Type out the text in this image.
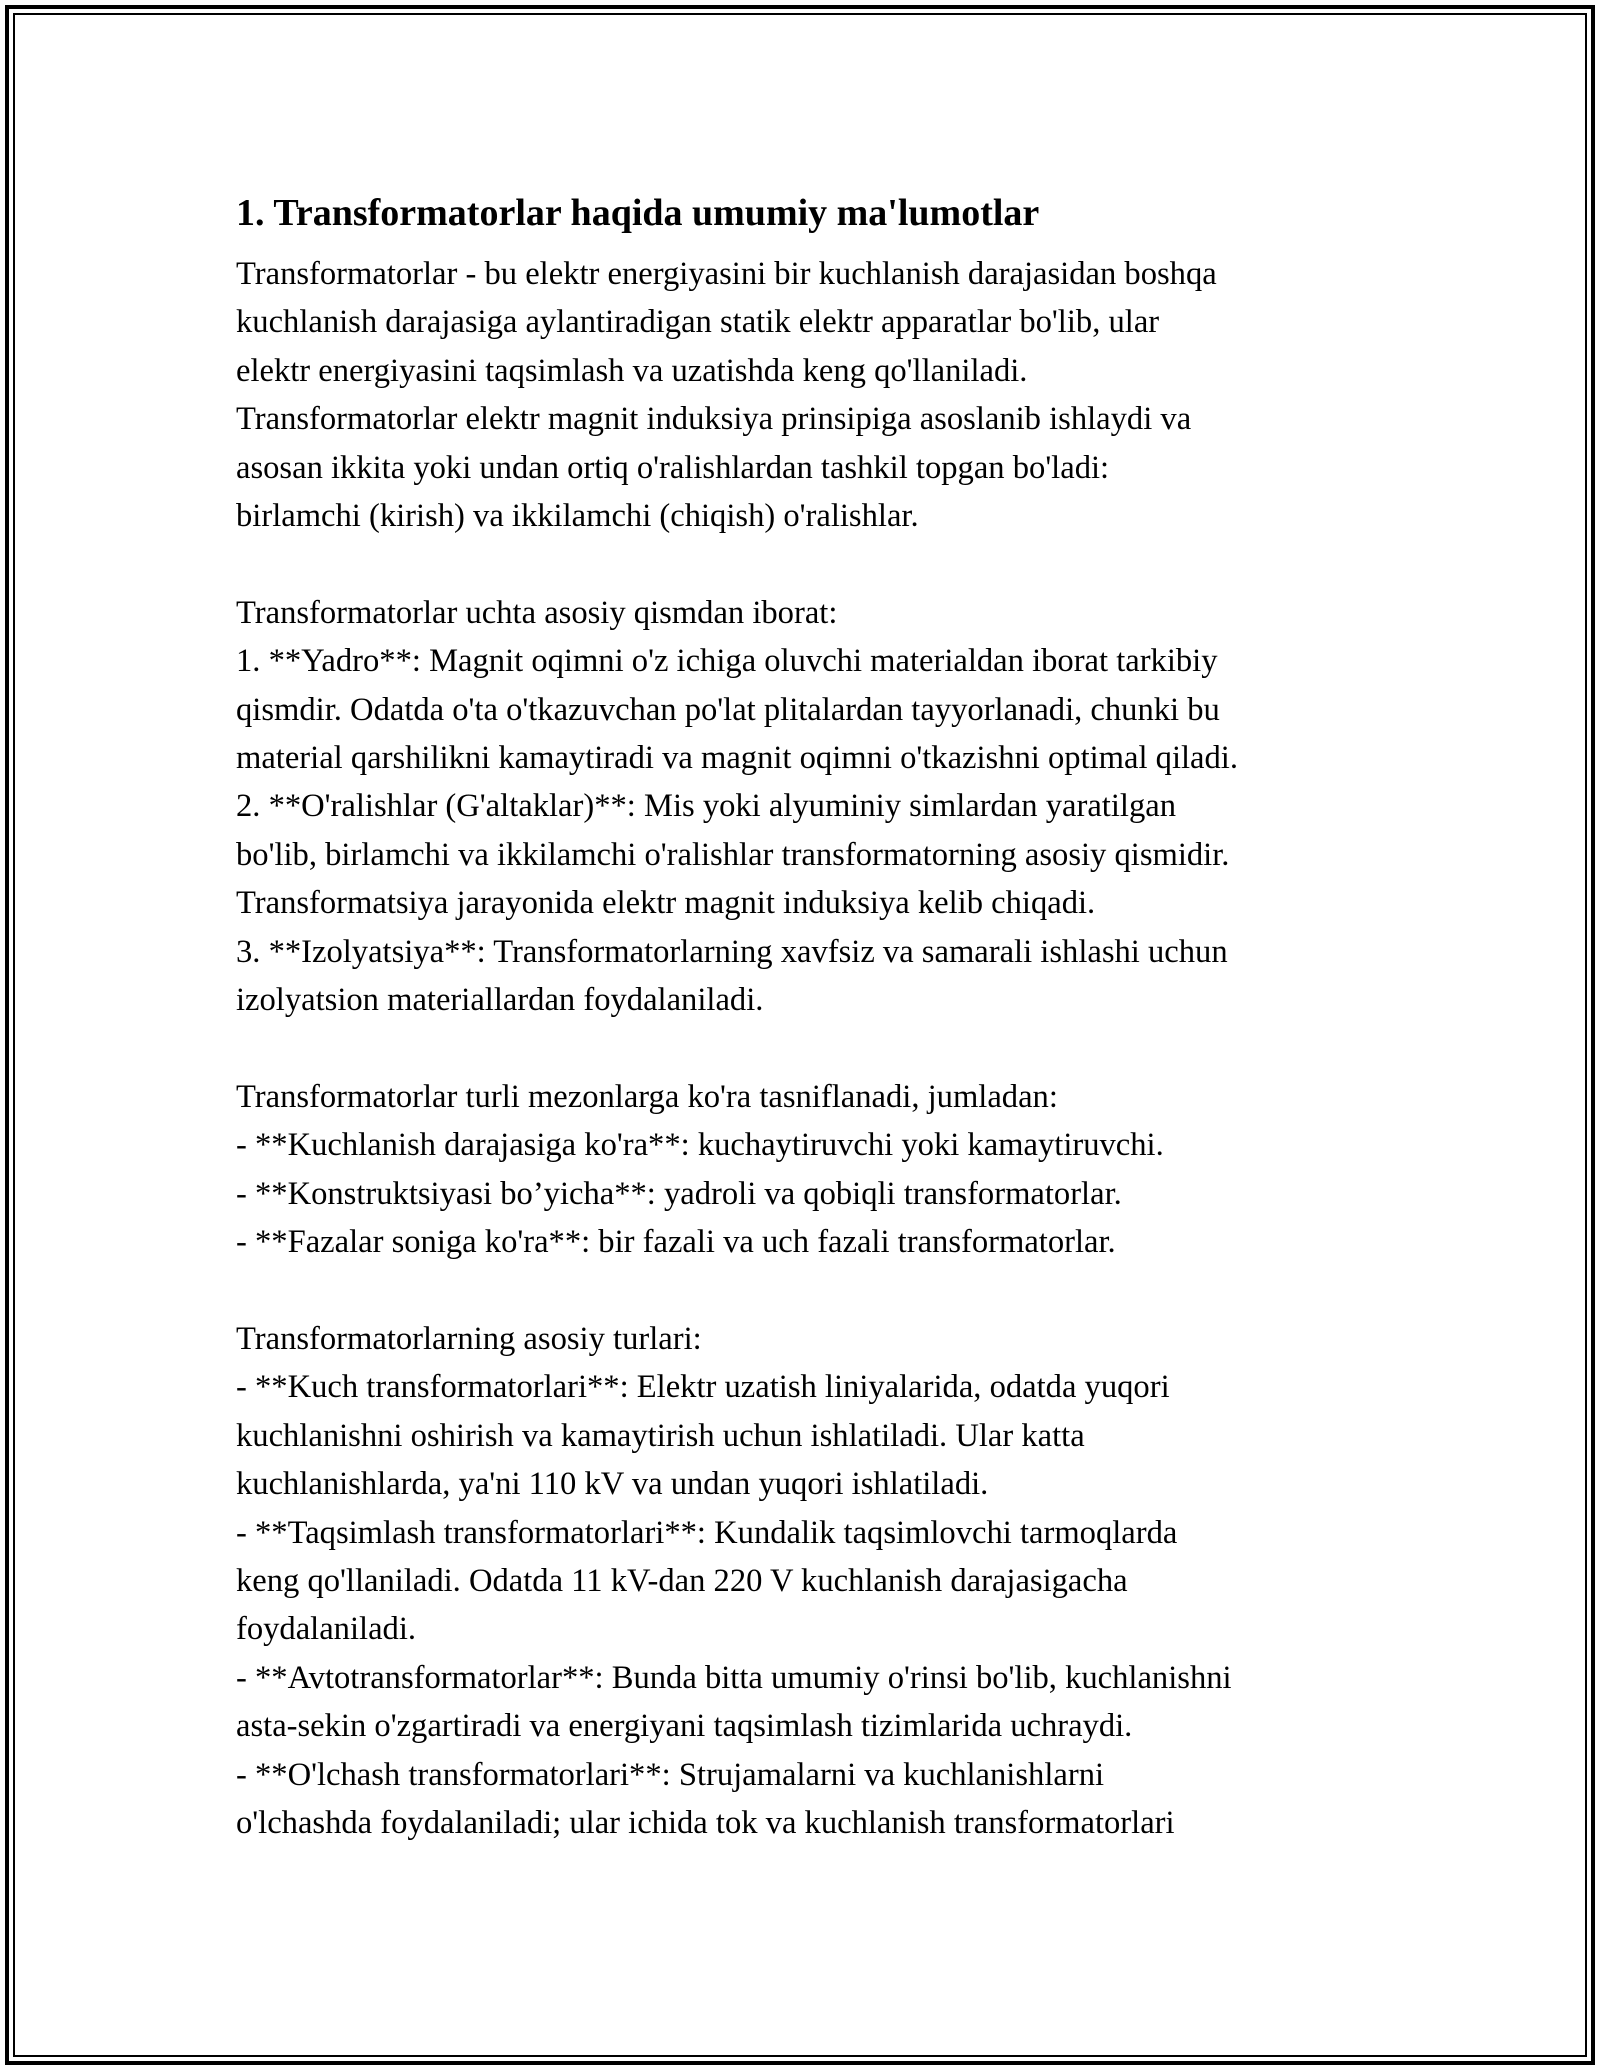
1. Transformatorlar haqida umumiy ma'lumotlar
Transformatorlar - bu elektr energiyasini bir kuchlanish darajasidan boshqa
kuchlanish darajasiga aylantiradigan statik elektr apparatlar bo'lib, ular
elektr energiyasini taqsimlash va uzatishda keng qo'llaniladi.
Transformatorlar elektr magnit induksiya prinsipiga asoslanib ishlaydi va
asosan ikkita yoki undan ortiq o'ralishlardan tashkil topgan bo'ladi:
birlamchi (kirish) va ikkilamchi (chiqish) o'ralishlar.
Transformatorlar uchta asosiy qismdan iborat:
1. **Yadro**: Magnit oqimni o'z ichiga oluvchi materialdan iborat tarkibiy
qismdir. Odatda o'ta o'tkazuvchan po'lat plitalardan tayyorlanadi, chunki bu
material qarshilikni kamaytiradi va magnit oqimni o'tkazishni optimal qiladi.
2. **O'ralishlar (G'altaklar)**: Mis yoki alyuminiy simlardan yaratilgan
bo'lib, birlamchi va ikkilamchi o'ralishlar transformatorning asosiy qismidir.
Transformatsiya jarayonida elektr magnit induksiya kelib chiqadi.
3. **Izolyatsiya**: Transformatorlarning xavfsiz va samarali ishlashi uchun
izolyatsion materiallardan foydalaniladi.
Transformatorlar turli mezonlarga ko'ra tasniflanadi, jumladan:
- **Kuchlanish darajasiga ko'ra**: kuchaytiruvchi yoki kamaytiruvchi.
- **Konstruktsiyasi bo’yicha**: yadroli va qobiqli transformatorlar.
- **Fazalar soniga ko'ra**: bir fazali va uch fazali transformatorlar.
Transformatorlarning asosiy turlari:
- **Kuch transformatorlari**: Elektr uzatish liniyalarida, odatda yuqori
kuchlanishni oshirish va kamaytirish uchun ishlatiladi. Ular katta
kuchlanishlarda, ya'ni 110 kV va undan yuqori ishlatiladi.
- **Taqsimlash transformatorlari**: Kundalik taqsimlovchi tarmoqlarda
keng qo'llaniladi. Odatda 11 kV-dan 220 V kuchlanish darajasigacha
foydalaniladi.
- **Avtotransformatorlar**: Bunda bitta umumiy o'rinsi bo'lib, kuchlanishni
asta-sekin o'zgartiradi va energiyani taqsimlash tizimlarida uchraydi.
- **O'lchash transformatorlari**: Strujamalarni va kuchlanishlarni
o'lchashda foydalaniladi; ular ichida tok va kuchlanish transformatorlari
